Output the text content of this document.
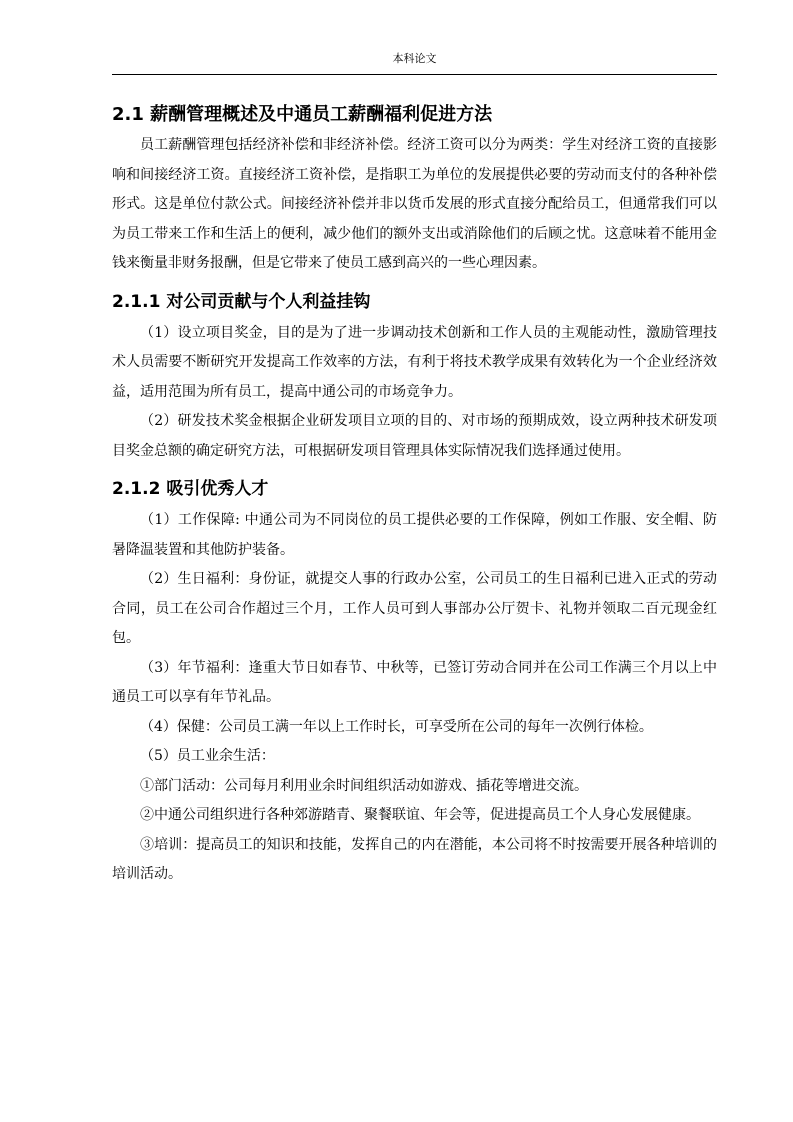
本科论文
2.1 薪酬管理概述及中通员工薪酬福利促进方法

员工薪酬管理包括经济补偿和非经济补偿。经济工资可以分为两类：学生对经济工资的直接影响和间接经济工资。直接经济工资补偿，是指职工为单位的发展提供必要的劳动而支付的各种补偿形式。这是单位付款公式。间接经济补偿并非以货币发展的形式直接分配给员工，但通常我们可以为员工带来工作和生活上的便利，减少他们的额外支出或消除他们的后顾之忧。这意味着不能用金钱来衡量非财务报酬，但是它带来了使员工感到高兴的一些心理因素。

2.1.1 对公司贡献与个人利益挂钩

（1）设立项目奖金，目的是为了进一步调动技术创新和工作人员的主观能动性，激励管理技术人员需要不断研究开发提高工作效率的方法，有利于将技术教学成果有效转化为一个企业经济效益，适用范围为所有员工，提高中通公司的市场竞争力。

（2）研发技术奖金根据企业研发项目立项的目的、对市场的预期成效，设立两种技术研发项目奖金总额的确定研究方法，可根据研发项目管理具体实际情况我们选择通过使用。

2.1.2 吸引优秀人才

（1）工作保障: 中通公司为不同岗位的员工提供必要的工作保障，例如工作服、安全帽、防暑降温装置和其他防护装备。

（2）生日福利：身份证，就提交人事的行政办公室，公司员工的生日福利已进入正式的劳动合同，员工在公司合作超过三个月，工作人员可到人事部办公厅贺卡、礼物并领取二百元现金红包。

（3）年节福利：逢重大节日如春节、中秋等，已签订劳动合同并在公司工作满三个月以上中通员工可以享有年节礼品。

（4）保健：公司员工满一年以上工作时长，可享受所在公司的每年一次例行体检。

（5）员工业余生活：

①部门活动：公司每月利用业余时间组织活动如游戏、插花等增进交流。

②中通公司组织进行各种郊游踏青、聚餐联谊、年会等，促进提高员工个人身心发展健康。

③培训：提高员工的知识和技能，发挥自己的内在潜能，本公司将不时按需要开展各种培训的培训活动。
